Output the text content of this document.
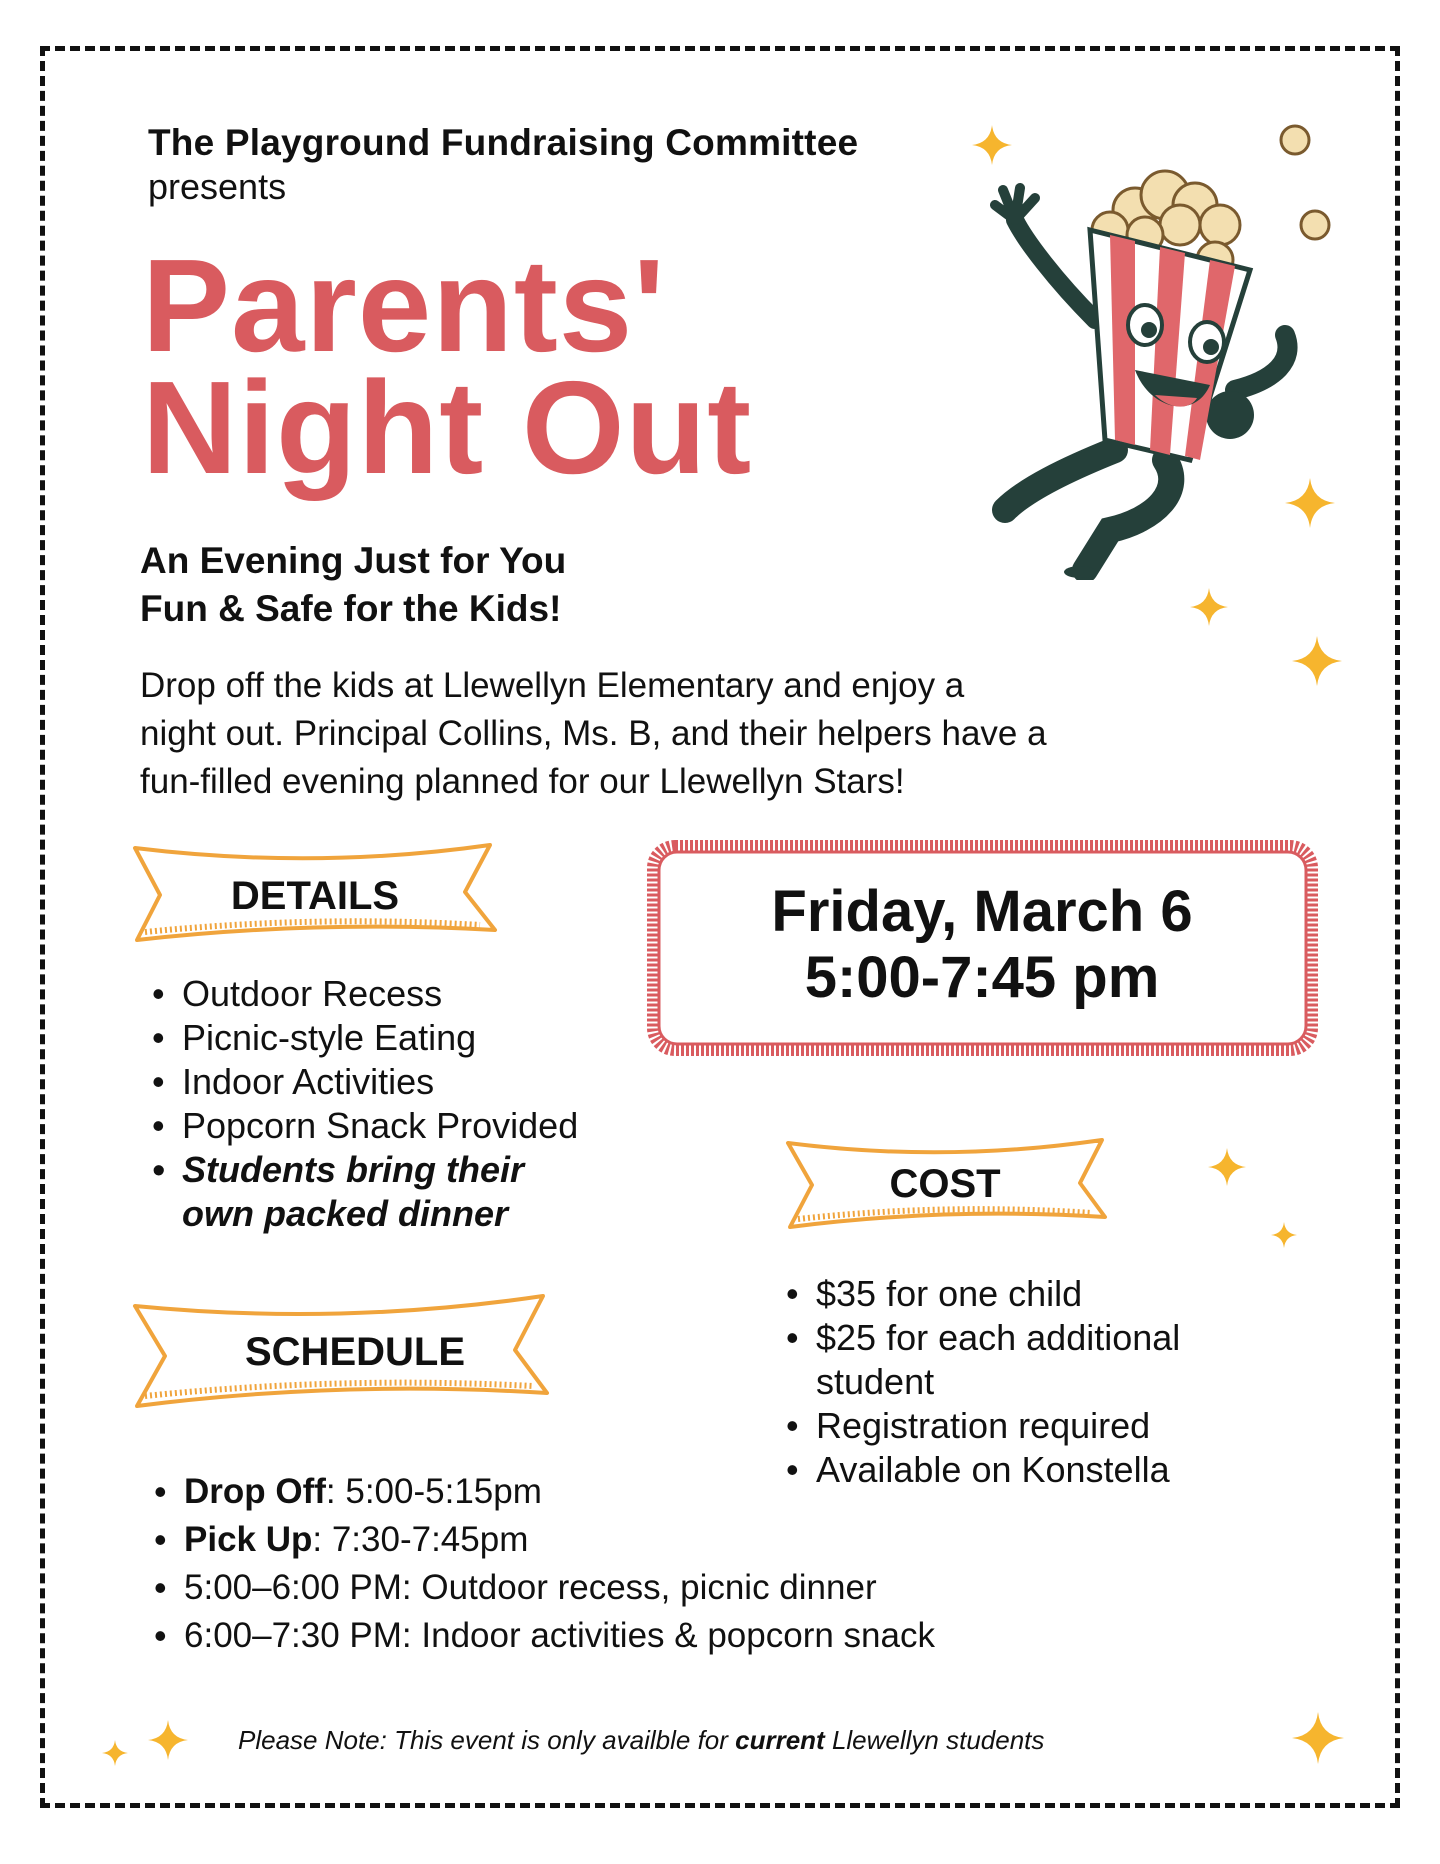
The Playground Fundraising Committee
presents
Parents'
Night Out
An Evening Just for You
Fun & Safe for the Kids!
Drop off the kids at Llewellyn Elementary and enjoy a
night out. Principal Collins, Ms. B, and their helpers have a
fun-filled evening planned for our Llewellyn Stars!
DETAILS
• Outdoor Recess
• Picnic-style Eating
• Indoor Activities
• Popcorn Snack Provided
• Students bring their
own packed dinner
Friday, March 6
5:00-7:45 pm
COST
• $35 for one child
• $25 for each additional
student
• Registration required
• Available on Konstella
SCHEDULE
• Drop Off: 5:00-5:15pm
• Pick Up: 7:30-7:45pm
• 5:00–6:00 PM: Outdoor recess, picnic dinner
• 6:00–7:30 PM: Indoor activities & popcorn snack
Please Note: This event is only availble for current Llewellyn students
